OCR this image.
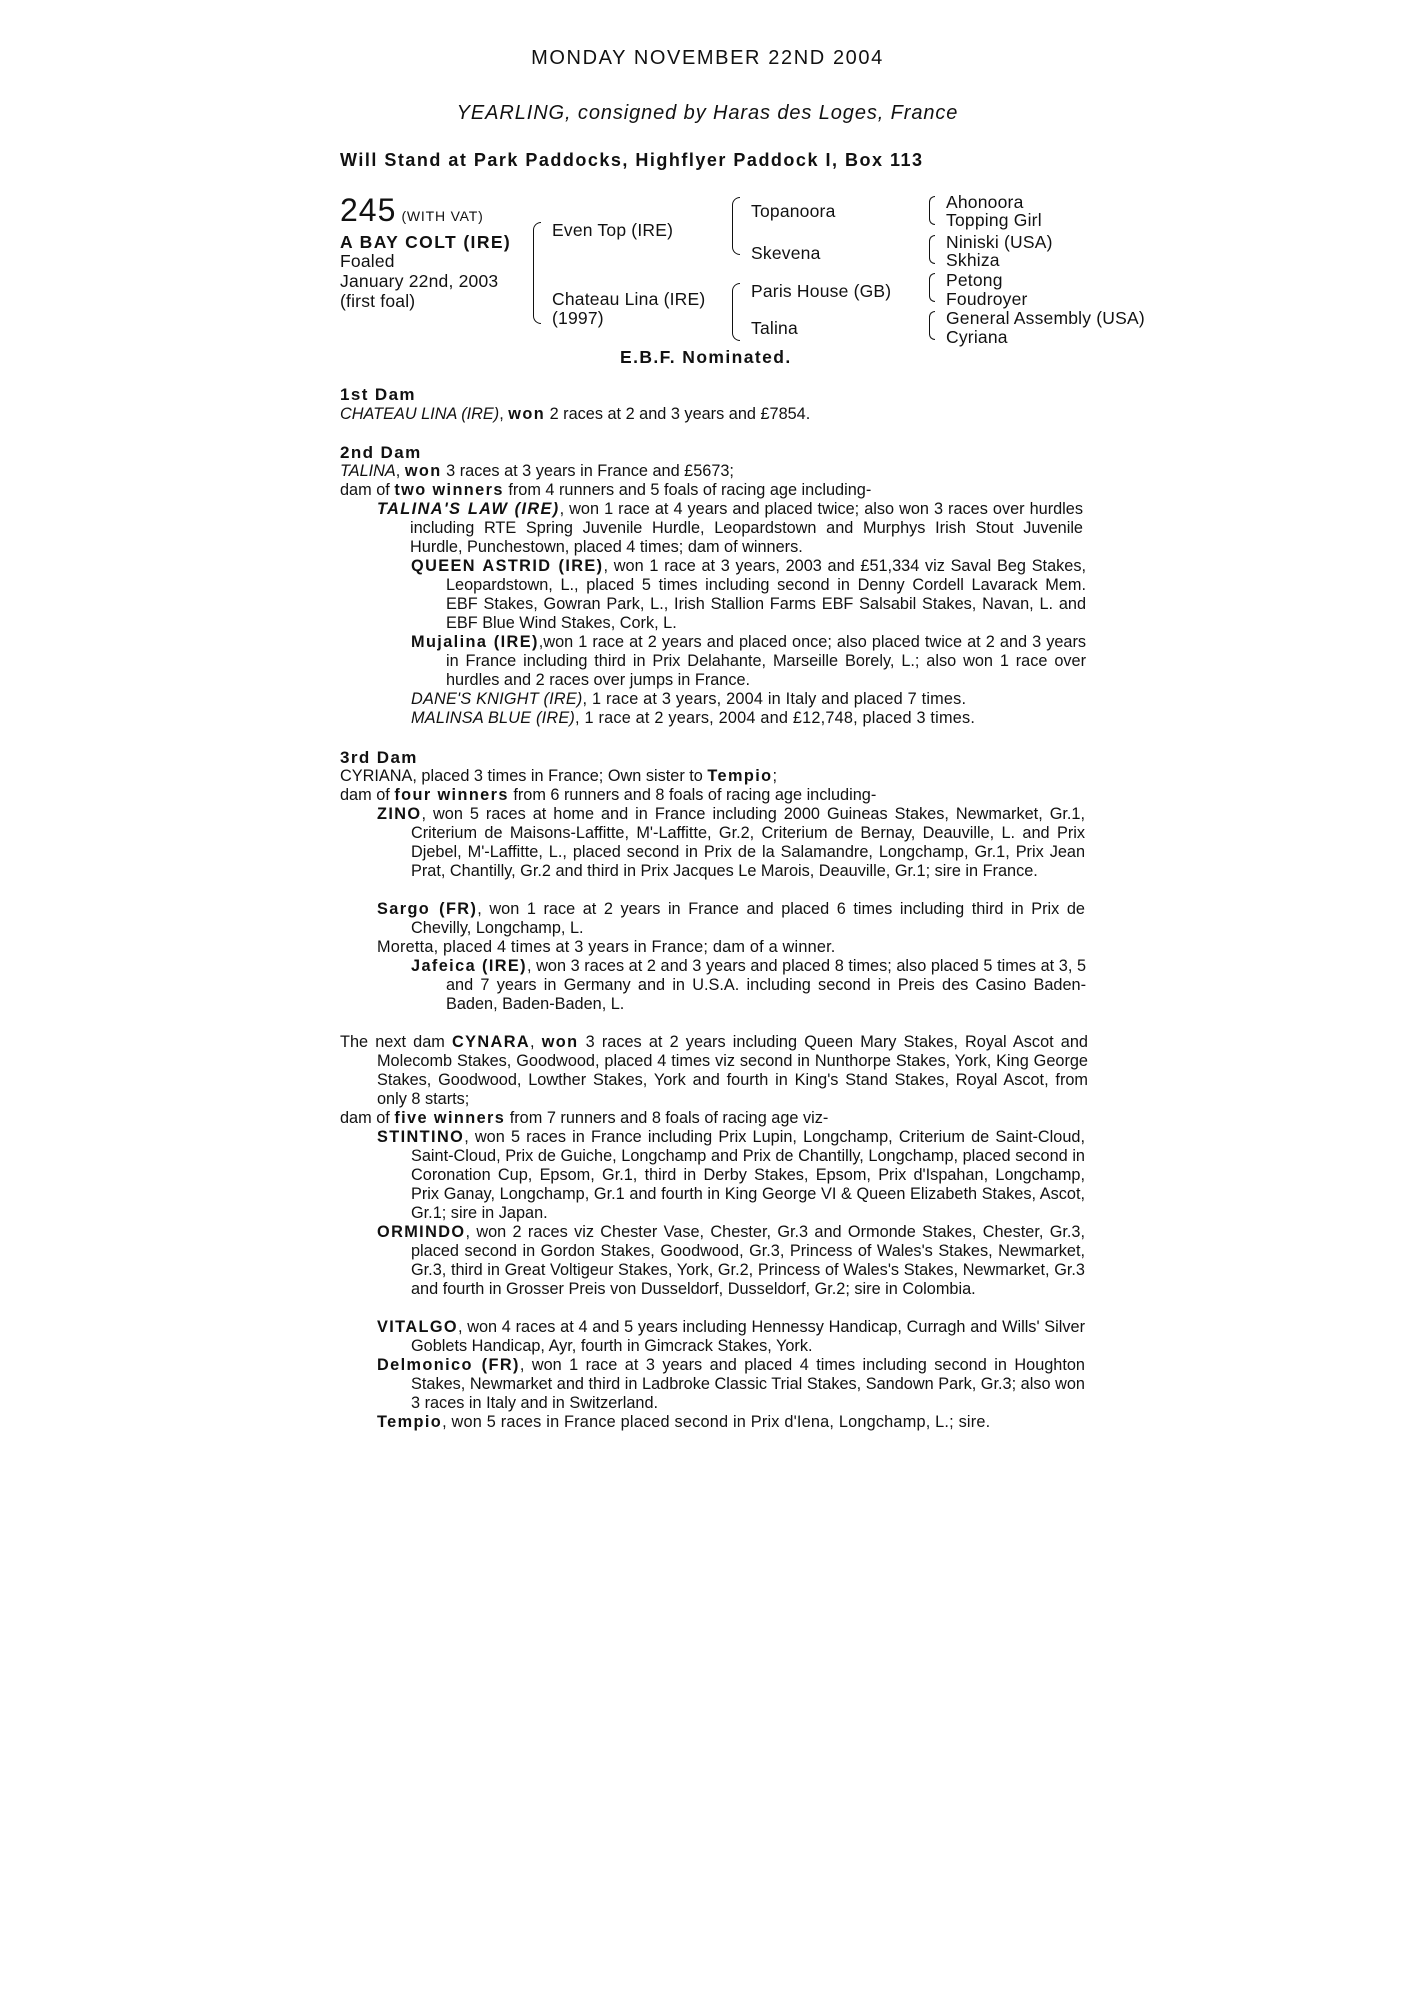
MONDAY NOVEMBER 22ND 2004
YEARLING, consigned by Haras des Loges, France
Will Stand at Park Paddocks, Highflyer Paddock I, Box 113
245 (WITH VAT)
A BAY COLT (IRE)
Foaled
January 22nd, 2003
(first foal)
Even Top (IRE)
Chateau Lina (IRE)
(1997)
Topanoora
Skevena
Paris House (GB)
Talina
Ahonoora
Topping Girl
Niniski (USA)
Skhiza
Petong
Foudroyer
General Assembly (USA)
Cyriana
E.B.F. Nominated.
1st Dam
CHATEAU LINA (IRE), won 2 races at 2 and 3 years and £7854.
2nd Dam
TALINA, won 3 races at 3 years in France and £5673;
dam of two winners from 4 runners and 5 foals of racing age including-
TALINA'S LAW (IRE), won 1 race at 4 years and placed twice; also won 3 races over hurdles including RTE Spring Juvenile Hurdle, Leopardstown and Murphys Irish Stout Juvenile Hurdle, Punchestown, placed 4 times; dam of winners.
QUEEN ASTRID (IRE), won 1 race at 3 years, 2003 and £51,334 viz Saval Beg Stakes, Leopardstown, L., placed 5 times including second in Denny Cordell Lavarack Mem. EBF Stakes, Gowran Park, L., Irish Stallion Farms EBF Salsabil Stakes, Navan, L. and EBF Blue Wind Stakes, Cork, L.
Mujalina (IRE),won 1 race at 2 years and placed once; also placed twice at 2 and 3 years in France including third in Prix Delahante, Marseille Borely, L.; also won 1 race over hurdles and 2 races over jumps in France.
DANE'S KNIGHT (IRE), 1 race at 3 years, 2004 in Italy and placed 7 times.
MALINSA BLUE (IRE), 1 race at 2 years, 2004 and £12,748, placed 3 times.
3rd Dam
CYRIANA, placed 3 times in France; Own sister to Tempio;
dam of four winners from 6 runners and 8 foals of racing age including-
ZINO, won 5 races at home and in France including 2000 Guineas Stakes, Newmarket, Gr.1, Criterium de Maisons-Laffitte, M'-Laffitte, Gr.2, Criterium de Bernay, Deauville, L. and Prix Djebel, M'-Laffitte, L., placed second in Prix de la Salamandre, Longchamp, Gr.1, Prix Jean Prat, Chantilly, Gr.2 and third in Prix Jacques Le Marois, Deauville, Gr.1; sire in France.
Sargo (FR), won 1 race at 2 years in France and placed 6 times including third in Prix de Chevilly, Longchamp, L.
Moretta, placed 4 times at 3 years in France; dam of a winner.
Jafeica (IRE), won 3 races at 2 and 3 years and placed 8 times; also placed 5 times at 3, 5 and 7 years in Germany and in U.S.A. including second in Preis des Casino Baden-Baden, Baden-Baden, L.
The next dam CYNARA, won 3 races at 2 years including Queen Mary Stakes, Royal Ascot and Molecomb Stakes, Goodwood, placed 4 times viz second in Nunthorpe Stakes, York, King George Stakes, Goodwood, Lowther Stakes, York and fourth in King's Stand Stakes, Royal Ascot, from only 8 starts;
dam of five winners from 7 runners and 8 foals of racing age viz-
STINTINO, won 5 races in France including Prix Lupin, Longchamp, Criterium de Saint-Cloud, Saint-Cloud, Prix de Guiche, Longchamp and Prix de Chantilly, Longchamp, placed second in Coronation Cup, Epsom, Gr.1, third in Derby Stakes, Epsom, Prix d'Ispahan, Longchamp, Prix Ganay, Longchamp, Gr.1 and fourth in King George VI & Queen Elizabeth Stakes, Ascot, Gr.1; sire in Japan.
ORMINDO, won 2 races viz Chester Vase, Chester, Gr.3 and Ormonde Stakes, Chester, Gr.3, placed second in Gordon Stakes, Goodwood, Gr.3, Princess of Wales's Stakes, Newmarket, Gr.3, third in Great Voltigeur Stakes, York, Gr.2, Princess of Wales's Stakes, Newmarket, Gr.3 and fourth in Grosser Preis von Dusseldorf, Dusseldorf, Gr.2; sire in Colombia.
VITALGO, won 4 races at 4 and 5 years including Hennessy Handicap, Curragh and Wills' Silver Goblets Handicap, Ayr, fourth in Gimcrack Stakes, York.
Delmonico (FR), won 1 race at 3 years and placed 4 times including second in Houghton Stakes, Newmarket and third in Ladbroke Classic Trial Stakes, Sandown Park, Gr.3; also won 3 races in Italy and in Switzerland.
Tempio, won 5 races in France placed second in Prix d'Iena, Longchamp, L.; sire.
